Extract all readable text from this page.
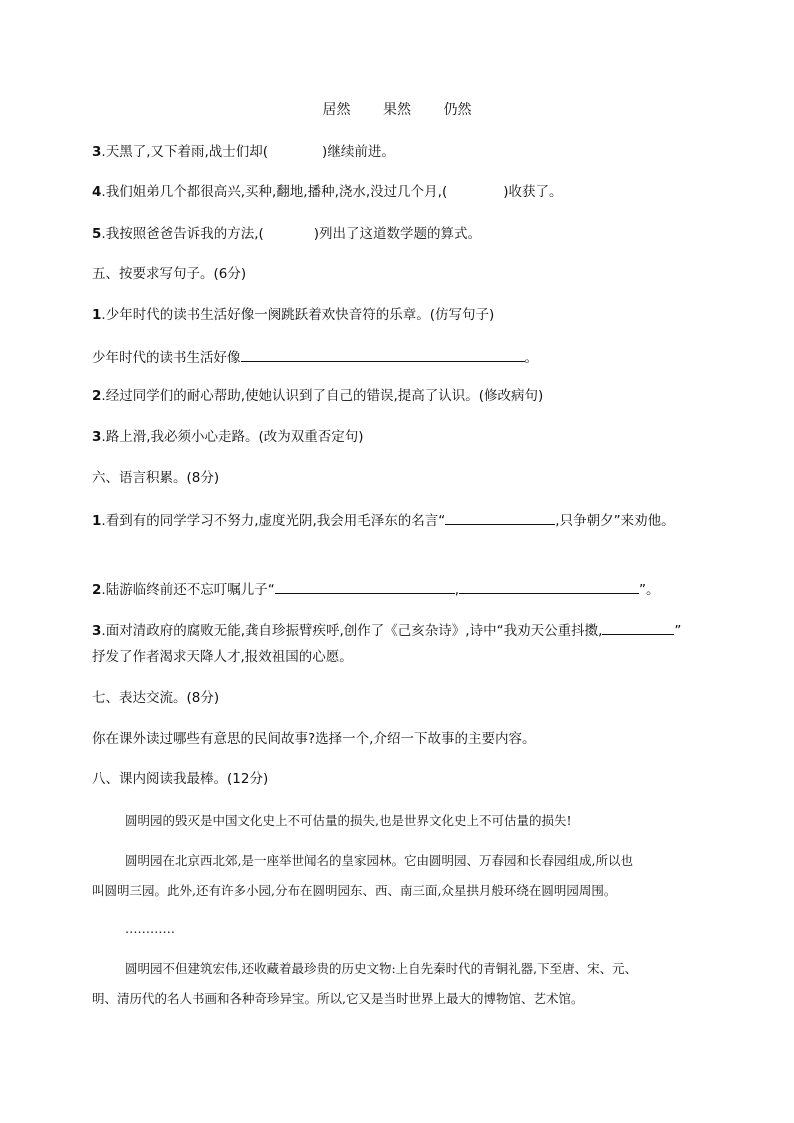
居然 果然 仍然
3.天黑了,又下着雨,战士们却(	)继续前进。
4.我们姐弟几个都很高兴,买种,翻地,播种,浇水,没过几个月,(	)收获了。
5.我按照爸爸告诉我的方法,(	)列出了这道数学题的算式。
五、按要求写句子。(6分)
1.少年时代的读书生活好像一阕跳跃着欢快音符的乐章。(仿写句子)
少年时代的读书生活好像	。
2.经过同学们的耐心帮助,使她认识到了自己的错误,提高了认识。(修改病句)
3.路上滑,我必须小心走路。(改为双重否定句)
六、语言积累。(8分)
1.看到有的同学学习不努力,虚度光阴,我会用毛泽东的名言“	,只争朝夕”来劝他。
2.陆游临终前还不忘叮嘱儿子“	,	”。
3.面对清政府的腐败无能,龚自珍振臂疾呼,创作了《己亥杂诗》,诗中“我劝天公重抖擞,	”
抒发了作者渴求天降人才,报效祖国的心愿。
七、表达交流。(8分)
你在课外读过哪些有意思的民间故事?选择一个,介绍一下故事的主要内容。
八、课内阅读我最棒。(12分)
圆明园的毁灭是中国文化史上不可估量的损失,也是世界文化史上不可估量的损失!
圆明园在北京西北郊,是一座举世闻名的皇家园林。它由圆明园、万春园和长春园组成,所以也
叫圆明三园。此外,还有许多小园,分布在圆明园东、西、南三面,众星拱月般环绕在圆明园周围。
…………
圆明园不但建筑宏伟,还收藏着最珍贵的历史文物:上自先秦时代的青铜礼器,下至唐、宋、元、
明、清历代的名人书画和各种奇珍异宝。所以,它又是当时世界上最大的博物馆、艺术馆。
